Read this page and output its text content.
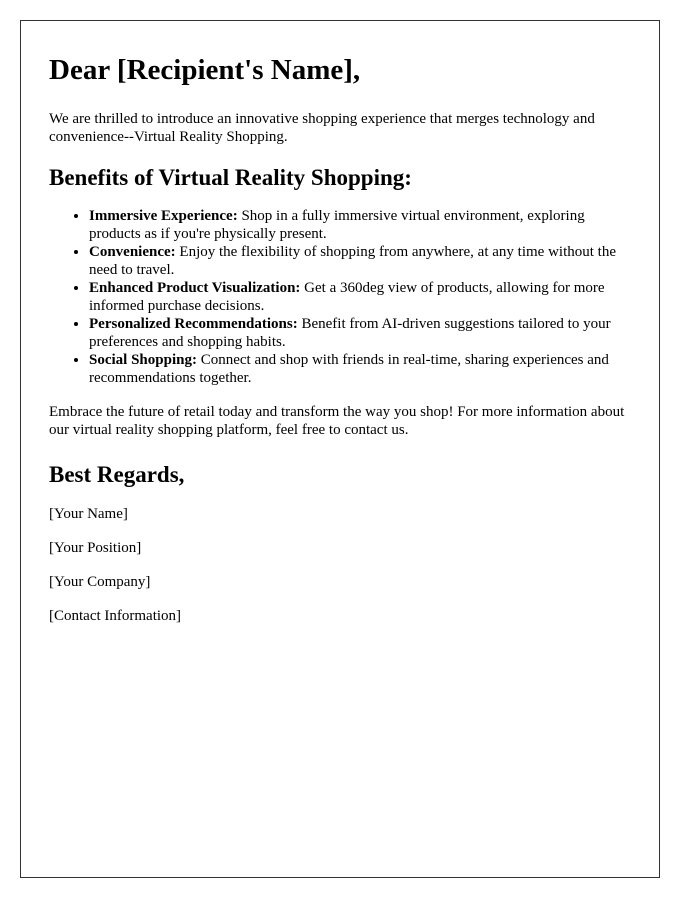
Dear [Recipient's Name],

We are thrilled to introduce an innovative shopping experience that merges technology and convenience--Virtual Reality Shopping.

Benefits of Virtual Reality Shopping:
• Immersive Experience: Shop in a fully immersive virtual environment, exploring products as if you're physically present.
• Convenience: Enjoy the flexibility of shopping from anywhere, at any time without the need to travel.
• Enhanced Product Visualization: Get a 360deg view of products, allowing for more informed purchase decisions.
• Personalized Recommendations: Benefit from AI-driven suggestions tailored to your preferences and shopping habits.
• Social Shopping: Connect and shop with friends in real-time, sharing experiences and recommendations together.

Embrace the future of retail today and transform the way you shop! For more information about our virtual reality shopping platform, feel free to contact us.

Best Regards,

[Your Name]

[Your Position]

[Your Company]

[Contact Information]
